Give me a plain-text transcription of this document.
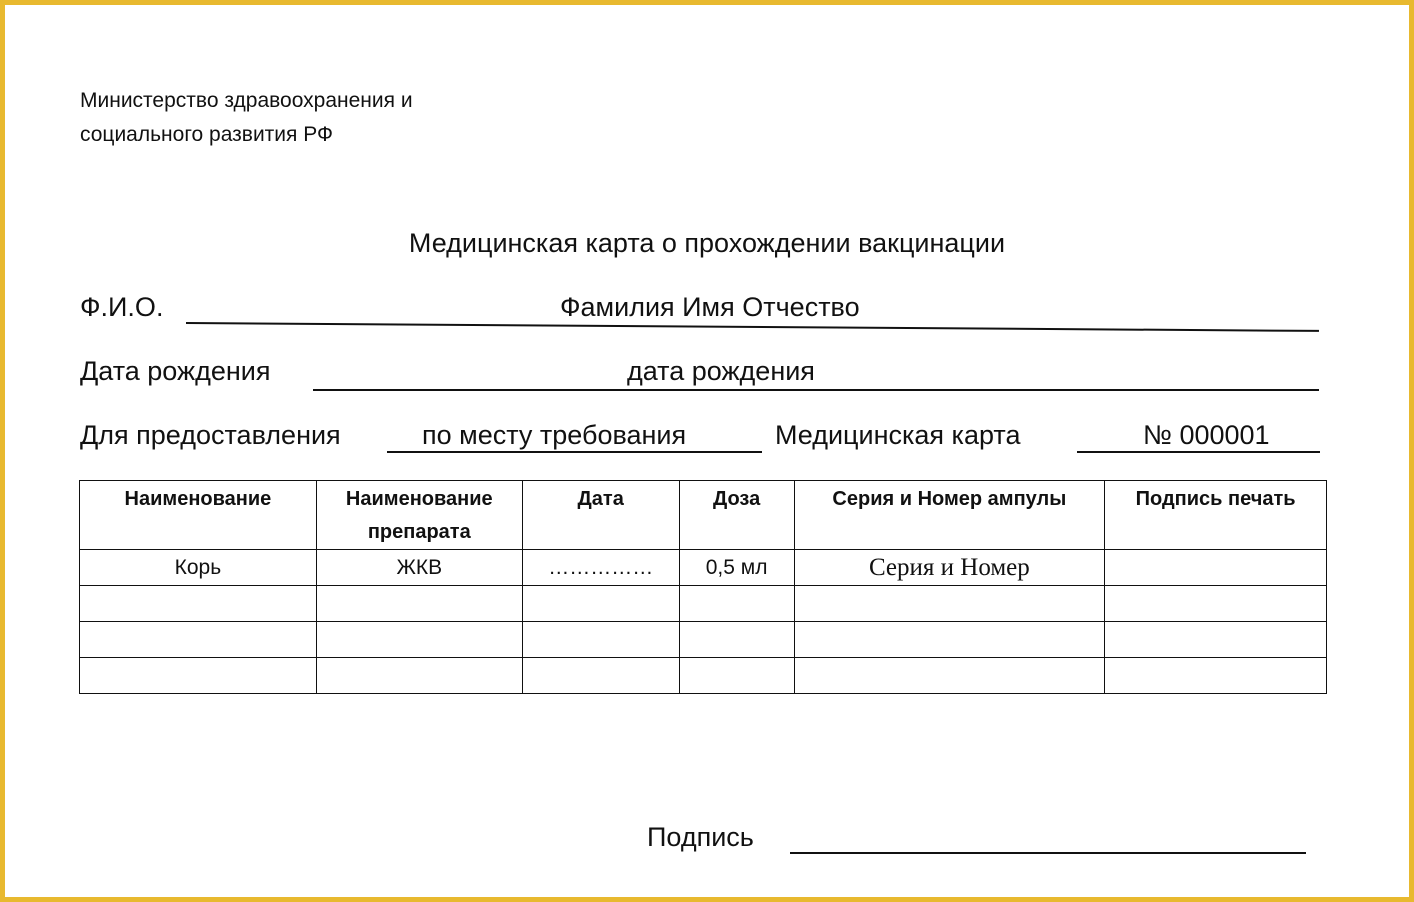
Министерство здравоохранения и
социального развития РФ
Медицинская карта о прохождении вакцинации
Ф.И.О.	Фамилия Имя Отчество
Дата рождения	дата рождения
Для предоставления	по месту требования	Медицинская карта	№ 000001
Наименование	Наименование препарата	Дата	Доза	Серия и Номер ампулы	Подпись печать
Корь	ЖКВ	……………	0,5 мл	Серия и Номер	

Подпись
